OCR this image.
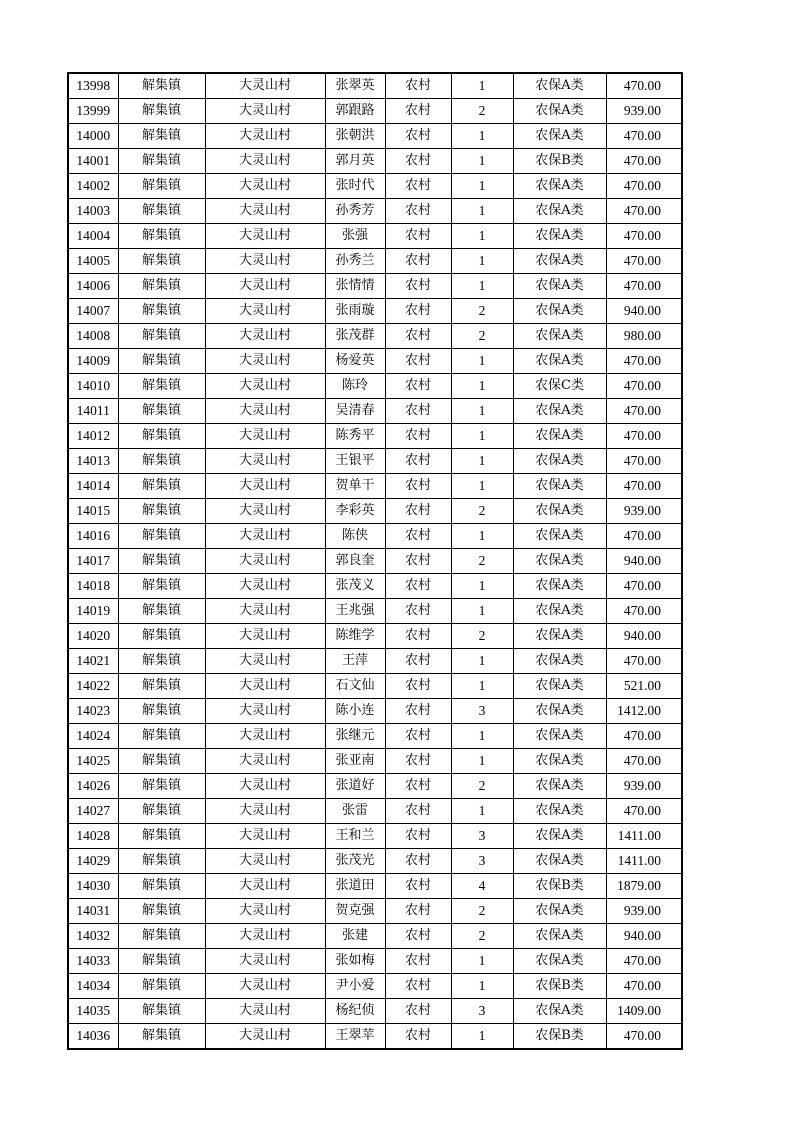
13998	解集镇	大灵山村	张翠英	农村	1	农保A类	470.00
13999	解集镇	大灵山村	郭跟路	农村	2	农保A类	939.00
14000	解集镇	大灵山村	张朝洪	农村	1	农保A类	470.00
14001	解集镇	大灵山村	郭月英	农村	1	农保B类	470.00
14002	解集镇	大灵山村	张时代	农村	1	农保A类	470.00
14003	解集镇	大灵山村	孙秀芳	农村	1	农保A类	470.00
14004	解集镇	大灵山村	张强	农村	1	农保A类	470.00
14005	解集镇	大灵山村	孙秀兰	农村	1	农保A类	470.00
14006	解集镇	大灵山村	张情情	农村	1	农保A类	470.00
14007	解集镇	大灵山村	张雨璇	农村	2	农保A类	940.00
14008	解集镇	大灵山村	张茂群	农村	2	农保A类	980.00
14009	解集镇	大灵山村	杨爱英	农村	1	农保A类	470.00
14010	解集镇	大灵山村	陈玲	农村	1	农保C类	470.00
14011	解集镇	大灵山村	吴清春	农村	1	农保A类	470.00
14012	解集镇	大灵山村	陈秀平	农村	1	农保A类	470.00
14013	解集镇	大灵山村	王银平	农村	1	农保A类	470.00
14014	解集镇	大灵山村	贺单干	农村	1	农保A类	470.00
14015	解集镇	大灵山村	李彩英	农村	2	农保A类	939.00
14016	解集镇	大灵山村	陈侠	农村	1	农保A类	470.00
14017	解集镇	大灵山村	郭良奎	农村	2	农保A类	940.00
14018	解集镇	大灵山村	张茂义	农村	1	农保A类	470.00
14019	解集镇	大灵山村	王兆强	农村	1	农保A类	470.00
14020	解集镇	大灵山村	陈维学	农村	2	农保A类	940.00
14021	解集镇	大灵山村	王萍	农村	1	农保A类	470.00
14022	解集镇	大灵山村	石文仙	农村	1	农保A类	521.00
14023	解集镇	大灵山村	陈小连	农村	3	农保A类	1412.00
14024	解集镇	大灵山村	张继元	农村	1	农保A类	470.00
14025	解集镇	大灵山村	张亚南	农村	1	农保A类	470.00
14026	解集镇	大灵山村	张道好	农村	2	农保A类	939.00
14027	解集镇	大灵山村	张雷	农村	1	农保A类	470.00
14028	解集镇	大灵山村	王和兰	农村	3	农保A类	1411.00
14029	解集镇	大灵山村	张茂光	农村	3	农保A类	1411.00
14030	解集镇	大灵山村	张道田	农村	4	农保B类	1879.00
14031	解集镇	大灵山村	贺克强	农村	2	农保A类	939.00
14032	解集镇	大灵山村	张建	农村	2	农保A类	940.00
14033	解集镇	大灵山村	张如梅	农村	1	农保A类	470.00
14034	解集镇	大灵山村	尹小爱	农村	1	农保B类	470.00
14035	解集镇	大灵山村	杨纪侦	农村	3	农保A类	1409.00
14036	解集镇	大灵山村	王翠苹	农村	1	农保B类	470.00
